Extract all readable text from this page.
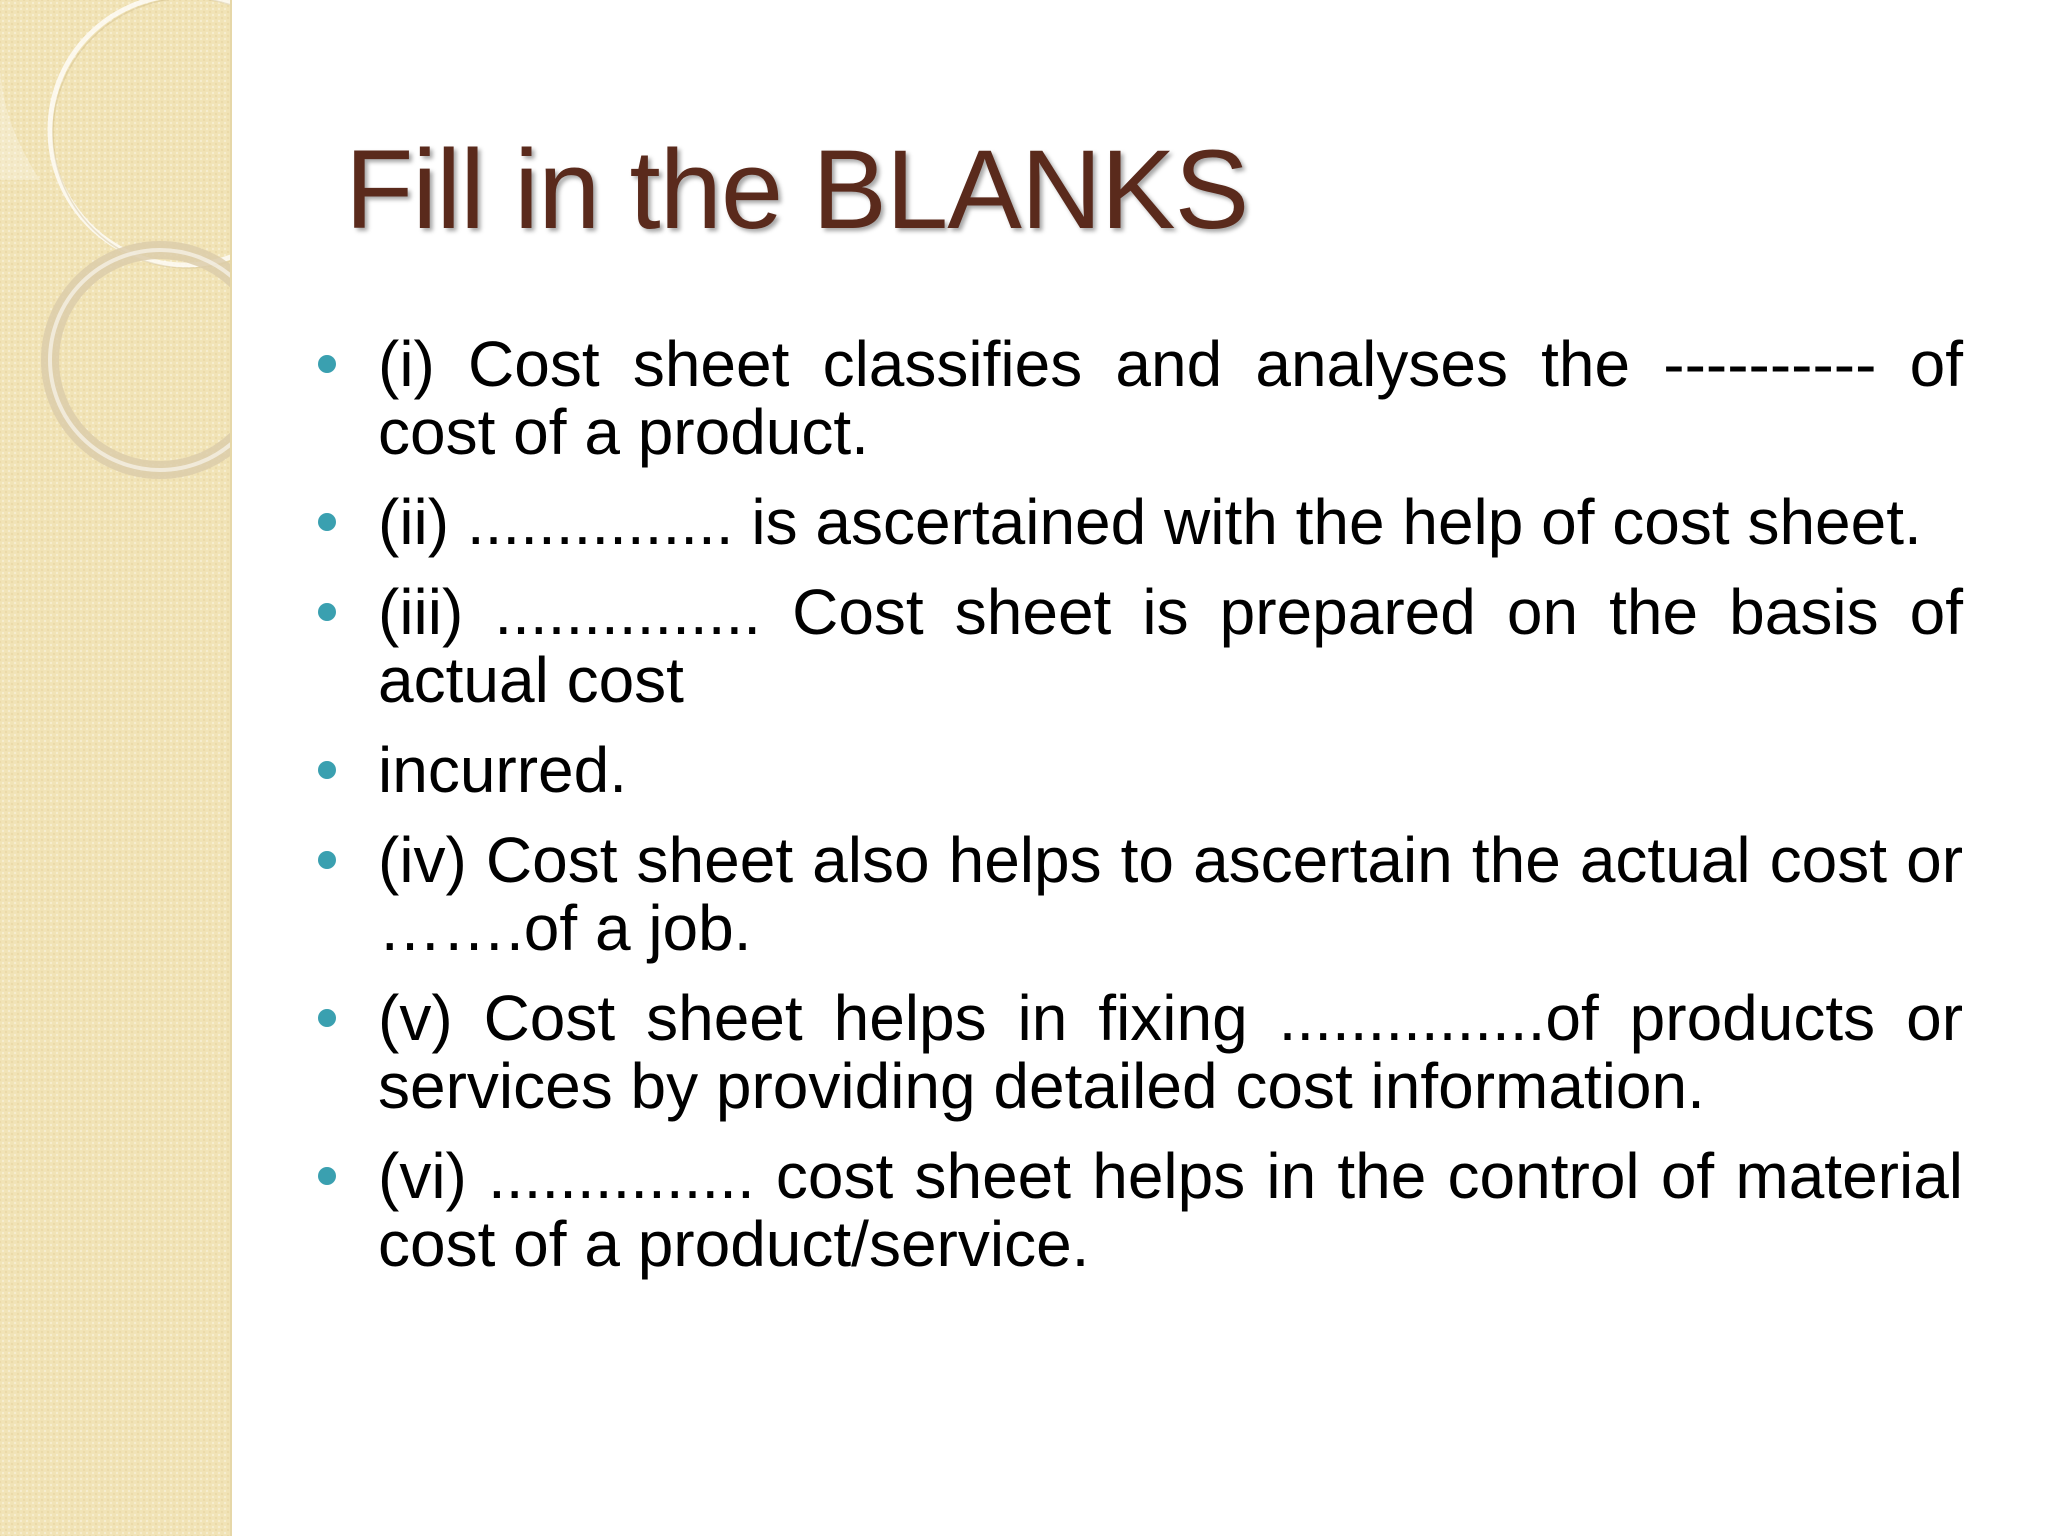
Fill in the BLANKS
(i) Cost sheet classifies and analyses the ---------- of cost of a product.
(ii) ............... is ascertained with the help of cost sheet.
(iii) ............... Cost sheet is prepared on the basis of actual cost
incurred.
(iv) Cost sheet also helps to ascertain the actual cost or …….of a job.
(v) Cost sheet helps in fixing ...............of products or services by providing detailed cost information.
(vi) ............... cost sheet helps in the control of material cost of a product/service.
